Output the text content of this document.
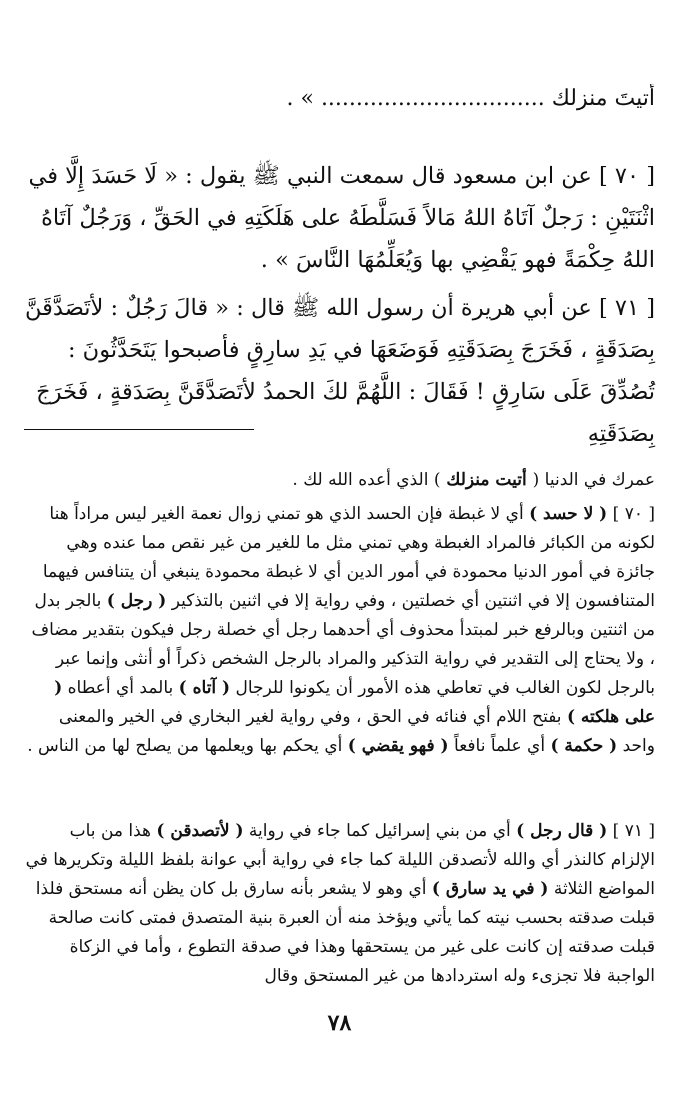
أتيتَ منزلك ................................ » .

[ ٧٠ ] عن ابن مسعود قال سمعت النبي ﷺ يقول : « لَا حَسَدَ إِلَّا في اثْنَتَيْنِ : رَجلٌ آتَاهُ اللهُ مَالاً فَسَلَّطَهُ على هَلَكَتِهِ في الحَقِّ ، وَرَجُلٌ آتَاهُ اللهُ حِكْمَةً فهو يَقْضِي بها وَيُعَلِّمُهَا النَّاسَ » .

[ ٧١ ] عن أبي هريرة أن رسول الله ﷺ قال : « قالَ رَجُلٌ : لأتَصَدَّقَنَّ بِصَدَقَةٍ ، فَخَرَجَ بِصَدَقَتِهِ فَوَضَعَهَا في يَدِ سارِقٍ فأصبحوا يَتَحَدَّثُونَ : تُصُدِّقَ عَلَى سَارِقٍ ! فَقَالَ : اللَّهُمَّ لكَ الحمدُ لأتَصَدَّقَنَّ بِصَدَقةٍ ، فَخَرَجَ بِصَدَقَتِهِ

عمرك في الدنيا ( أتيت منزلك ) الذي أعده الله لك .

[ ٧٠ ] ( لا حسد ) أي لا غبطة فإن الحسد الذي هو تمني زوال نعمة الغير ليس مراداً هنا لكونه من الكبائر فالمراد الغبطة وهي تمني مثل ما للغير من غير نقص مما عنده وهي جائزة في أمور الدنيا محمودة في أمور الدين أي لا غبطة محمودة ينبغي أن يتنافس فيهما المتنافسون إلا في اثنتين أي خصلتين ، وفي رواية إلا في اثنين بالتذكير ( رجل ) بالجر بدل من اثنتين وبالرفع خبر لمبتدأ محذوف أي أحدهما رجل أي خصلة رجل فيكون بتقدير مضاف ، ولا يحتاج إلى التقدير في رواية التذكير والمراد بالرجل الشخص ذكراً أو أنثى وإنما عبر بالرجل لكون الغالب في تعاطي هذه الأمور أن يكونوا للرجال ( آتاه ) بالمد أي أعطاه ( على هلكته ) بفتح اللام أي فنائه في الحق ، وفي رواية لغير البخاري في الخير والمعنى واحد ( حكمة ) أي علماً نافعاً ( فهو يقضي ) أي يحكم بها ويعلمها من يصلح لها من الناس .

[ ٧١ ] ( قال رجل ) أي من بني إسرائيل كما جاء في رواية ( لأتصدقن ) هذا من باب الإلزام كالنذر أي والله لأتصدقن الليلة كما جاء في رواية أبي عوانة بلفظ الليلة وتكريرها في المواضع الثلاثة ( في يد سارق ) أي وهو لا يشعر بأنه سارق بل كان يظن أنه مستحق فلذا قبلت صدقته بحسب نيته كما يأتي ويؤخذ منه أن العبرة بنية المتصدق فمتى كانت صالحة قبلت صدقته إن كانت على غير من يستحقها وهذا في صدقة التطوع ، وأما في الزكاة الواجبة فلا تجزىء وله استردادها من غير المستحق وقال

٧٨
